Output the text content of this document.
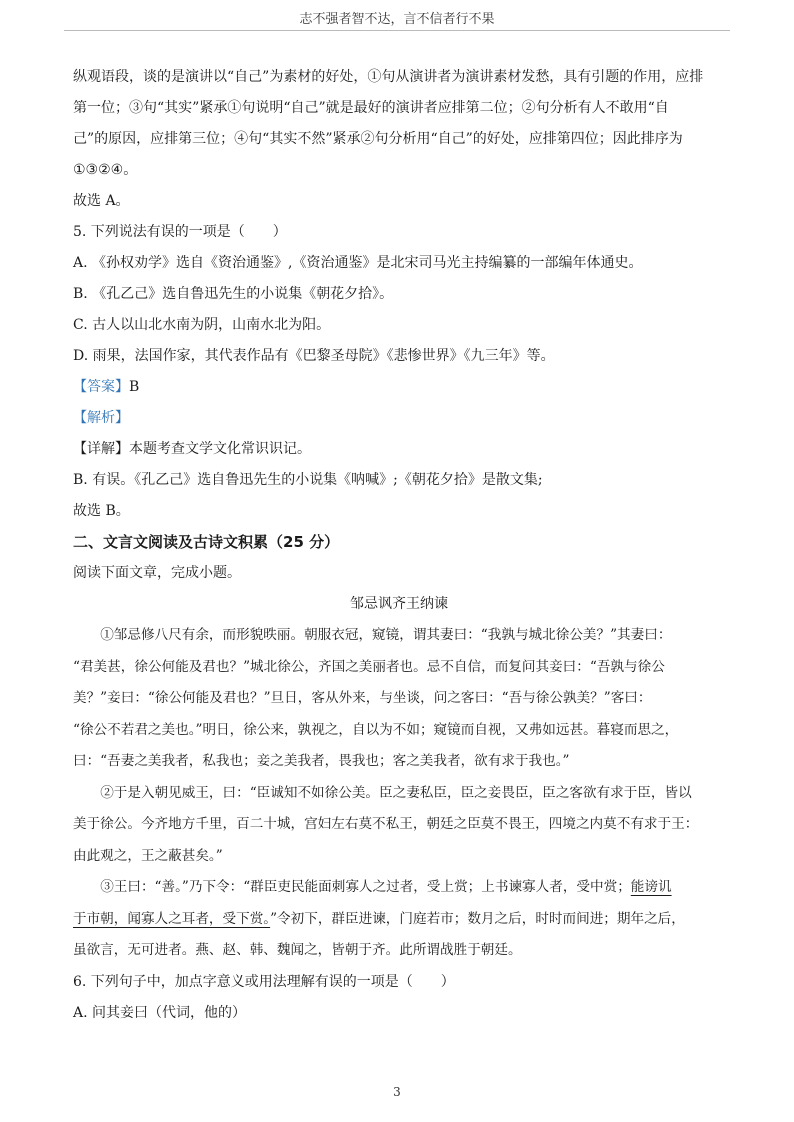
志不强者智不达，言不信者行不果

纵观语段，谈的是演讲以“自己”为素材的好处，①句从演讲者为演讲素材发愁，具有引题的作用，应排

第一位；③句“其实”紧承①句说明“自己”就是最好的演讲者应排第二位；②句分析有人不敢用“自

己”的原因，应排第三位；④句“其实不然”紧承②句分析用“自己”的好处，应排第四位；因此排序为

①③②④。

故选 A。

5. 下列说法有误的一项是（　　）

A. 《孙权劝学》选自《资治通鉴》,《资治通鉴》是北宋司马光主持编纂的一部编年体通史。

B. 《孔乙己》选自鲁迅先生的小说集《朝花夕拾》。

C. 古人以山北水南为阴，山南水北为阳。

D. 雨果，法国作家，其代表作品有《巴黎圣母院》《悲惨世界》《九三年》等。

【答案】B

【解析】

【详解】本题考查文学文化常识识记。

B. 有误。《孔乙己》选自鲁迅先生的小说集《呐喊》;《朝花夕拾》是散文集;

故选 B。

二、文言文阅读及古诗文积累（25 分）

阅读下面文章，完成小题。

邹忌讽齐王纳谏

①邹忌修八尺有余，而形貌昳丽。朝服衣冠，窥镜，谓其妻曰：“我孰与城北徐公美？”其妻曰：

“君美甚，徐公何能及君也？”城北徐公，齐国之美丽者也。忌不自信，而复问其妾曰：“吾孰与徐公

美？”妾曰：“徐公何能及君也？”旦日，客从外来，与坐谈，问之客曰：“吾与徐公孰美？”客曰：

“徐公不若君之美也。”明日，徐公来，孰视之，自以为不如；窥镜而自视，又弗如远甚。暮寝而思之，

曰：“吾妻之美我者，私我也；妾之美我者，畏我也；客之美我者，欲有求于我也。”

②于是入朝见威王，曰：“臣诚知不如徐公美。臣之妻私臣，臣之妾畏臣，臣之客欲有求于臣，皆以

美于徐公。今齐地方千里，百二十城，宫妇左右莫不私王，朝廷之臣莫不畏王，四境之内莫不有求于王：

由此观之，王之蔽甚矣。”

③王曰：“善。”乃下令：“群臣吏民能面刺寡人之过者，受上赏；上书谏寡人者，受中赏；能谤讥

于市朝，闻寡人之耳者，受下赏。”令初下，群臣进谏，门庭若市；数月之后，时时而间进；期年之后，

虽欲言，无可进者。燕、赵、韩、魏闻之，皆朝于齐。此所谓战胜于朝廷。

6. 下列句子中，加点字意义或用法理解有误的一项是（　　）

A. 问其妾曰（代词，他的）

3
